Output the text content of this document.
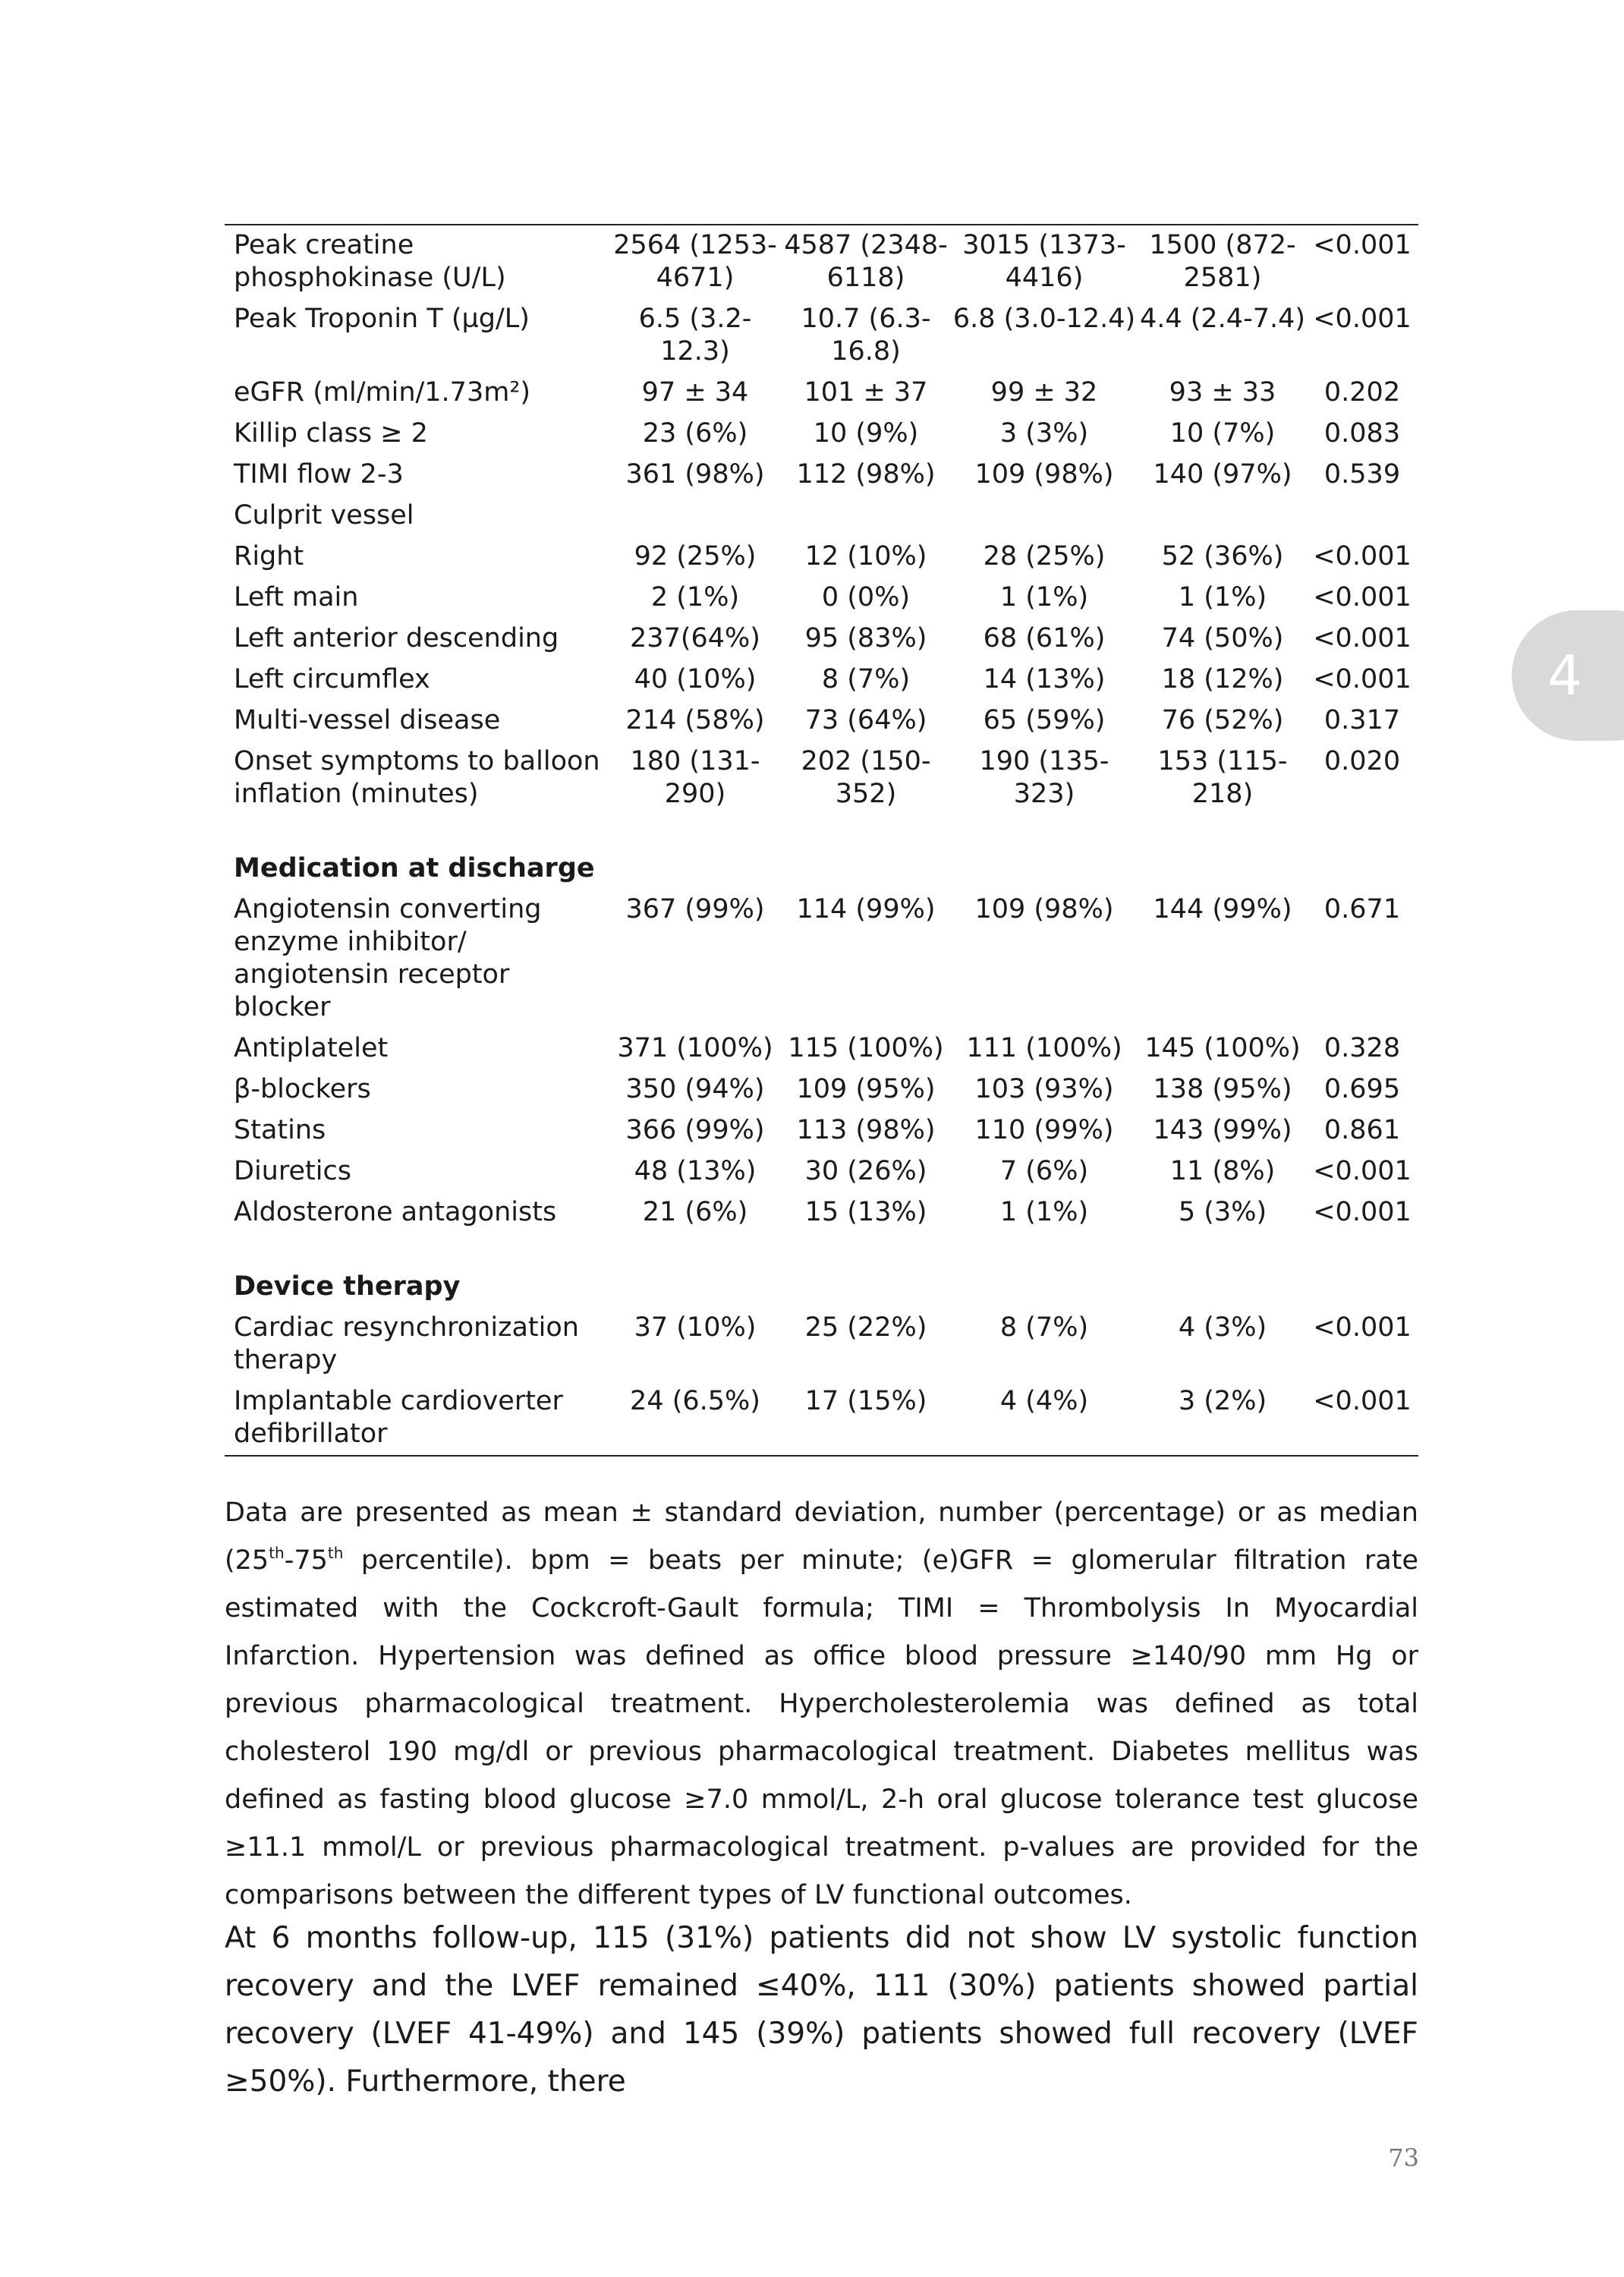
Peak creatine phosphokinase (U/L)	2564 (1253-4671)	4587 (2348-6118)	3015 (1373-4416)	1500 (872-2581)	<0.001
Peak Troponin T (µg/L)	6.5 (3.2-12.3)	10.7 (6.3-16.8)	6.8 (3.0-12.4)	4.4 (2.4-7.4)	<0.001
eGFR (ml/min/1.73m²)	97 ± 34	101 ± 37	99 ± 32	93 ± 33	0.202
Killip class ≥ 2	23 (6%)	10 (9%)	3 (3%)	10 (7%)	0.083
TIMI flow 2-3	361 (98%)	112 (98%)	109 (98%)	140 (97%)	0.539
Culprit vessel					
Right	92 (25%)	12 (10%)	28 (25%)	52 (36%)	<0.001
Left main	2 (1%)	0 (0%)	1 (1%)	1 (1%)	<0.001
Left anterior descending	237(64%)	95 (83%)	68 (61%)	74 (50%)	<0.001
Left circumflex	40 (10%)	8 (7%)	14 (13%)	18 (12%)	<0.001
Multi-vessel disease	214 (58%)	73 (64%)	65 (59%)	76 (52%)	0.317
Onset symptoms to balloon inflation (minutes)	180 (131-290)	202 (150-352)	190 (135-323)	153 (115-218)	0.020

Medication at discharge					
Angiotensin converting enzyme inhibitor/ angiotensin receptor blocker	367 (99%)	114 (99%)	109 (98%)	144 (99%)	0.671
Antiplatelet	371 (100%)	115 (100%)	111 (100%)	145 (100%)	0.328
β-blockers	350 (94%)	109 (95%)	103 (93%)	138 (95%)	0.695
Statins	366 (99%)	113 (98%)	110 (99%)	143 (99%)	0.861
Diuretics	48 (13%)	30 (26%)	7 (6%)	11 (8%)	<0.001
Aldosterone antagonists	21 (6%)	15 (13%)	1 (1%)	5 (3%)	<0.001

Device therapy					
Cardiac resynchronization therapy	37 (10%)	25 (22%)	8 (7%)	4 (3%)	<0.001
Implantable cardioverter defibrillator	24 (6.5%)	17 (15%)	4 (4%)	3 (2%)	<0.001

Data are presented as mean ± standard deviation, number (percentage) or as median (25th-75th percentile). bpm = beats per minute; (e)GFR = glomerular filtration rate estimated with the Cockcroft-Gault formula; TIMI = Thrombolysis In Myocardial Infarction. Hypertension was defined as office blood pressure ≥140/90 mm Hg or previous pharmacological treatment. Hypercholesterolemia was defined as total cholesterol 190 mg/dl or previous pharmacological treatment. Diabetes mellitus was defined as fasting blood glucose ≥7.0 mmol/L, 2-h oral glucose tolerance test glucose ≥11.1 mmol/L or previous pharmacological treatment. p-values are provided for the comparisons between the different types of LV functional outcomes.

At 6 months follow-up, 115 (31%) patients did not show LV systolic function recovery and the LVEF remained ≤40%, 111 (30%) patients showed partial recovery (LVEF 41-49%) and 145 (39%) patients showed full recovery (LVEF ≥50%). Furthermore, there

4
73
